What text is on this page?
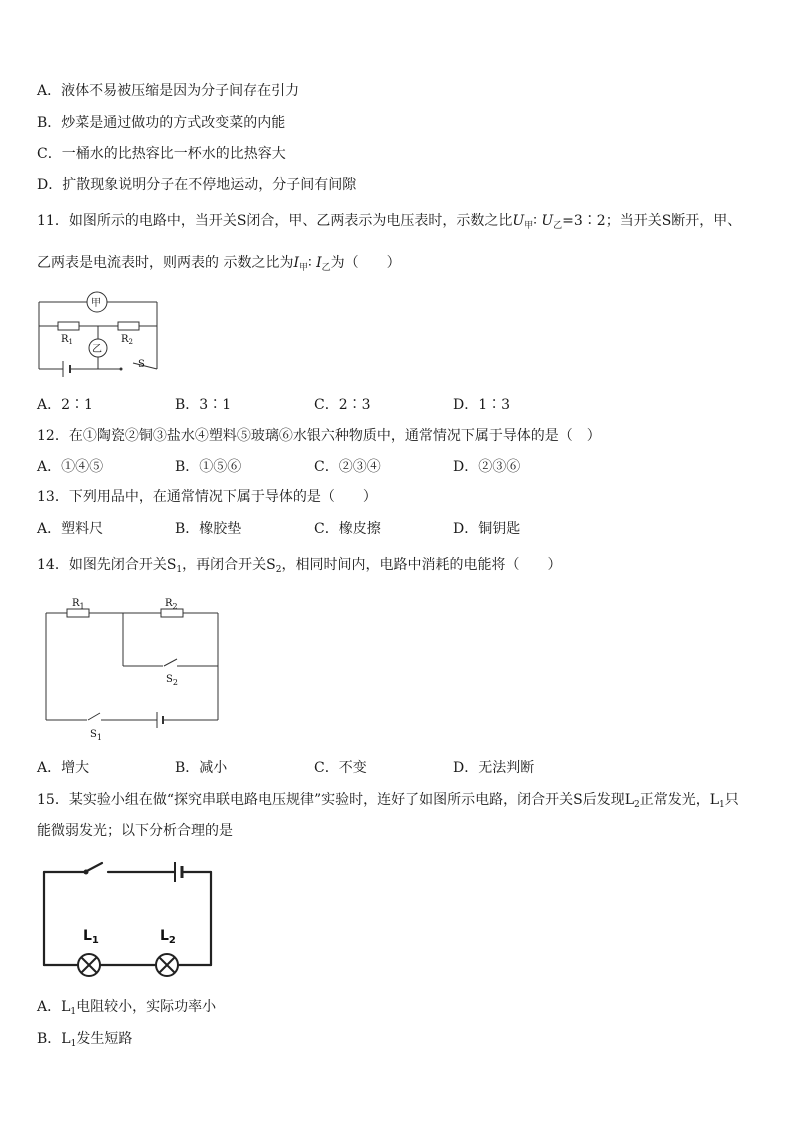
A．液体不易被压缩是因为分子间存在引力
B．炒菜是通过做功的方式改变菜的内能
C．一桶水的比热容比一杯水的比热容大
D．扩散现象说明分子在不停地运动，分子间有间隙
11．如图所示的电路中，当开关S闭合，甲、乙两表示为电压表时，示数之比$U_甲∶$ $U_乙=3∶2$；当开关S断开，甲、
乙两表是电流表时，则两表的 示数之比为$I_甲∶$ $I_乙$为（　　）
甲
乙
$R_1$	$R_2$
S
A．2∶1	B．3∶1	C．2∶3	D．1∶3
12．在①陶瓷②铜③盐水④塑料⑤玻璃⑥水银六种物质中，通常情况下属于导体的是（　）
A．①④⑤	B．①⑤⑥	C．②③④	D．②③⑥
13．下列用品中，在通常情况下属于导体的是（　　）
A．塑料尺	B．橡胶垫	C．橡皮擦	D．铜钥匙
14．如图先闭合开关$S_1$，再闭合开关$S_2$，相同时间内，电路中消耗的电能将（　　）
$R_1$	$R_2$
$S_2$
$S_1$
A．增大	B．减小	C．不变	D．无法判断
15．某实验小组在做“探究串联电路电压规律”实验时，连好了如图所示电路，闭合开关S后发现$L_2$正常发光，$L_1$只
能微弱发光；以下分析合理的是
$L_1$	$L_2$
A．$L_1$电阻较小，实际功率小
B．$L_1$发生短路
